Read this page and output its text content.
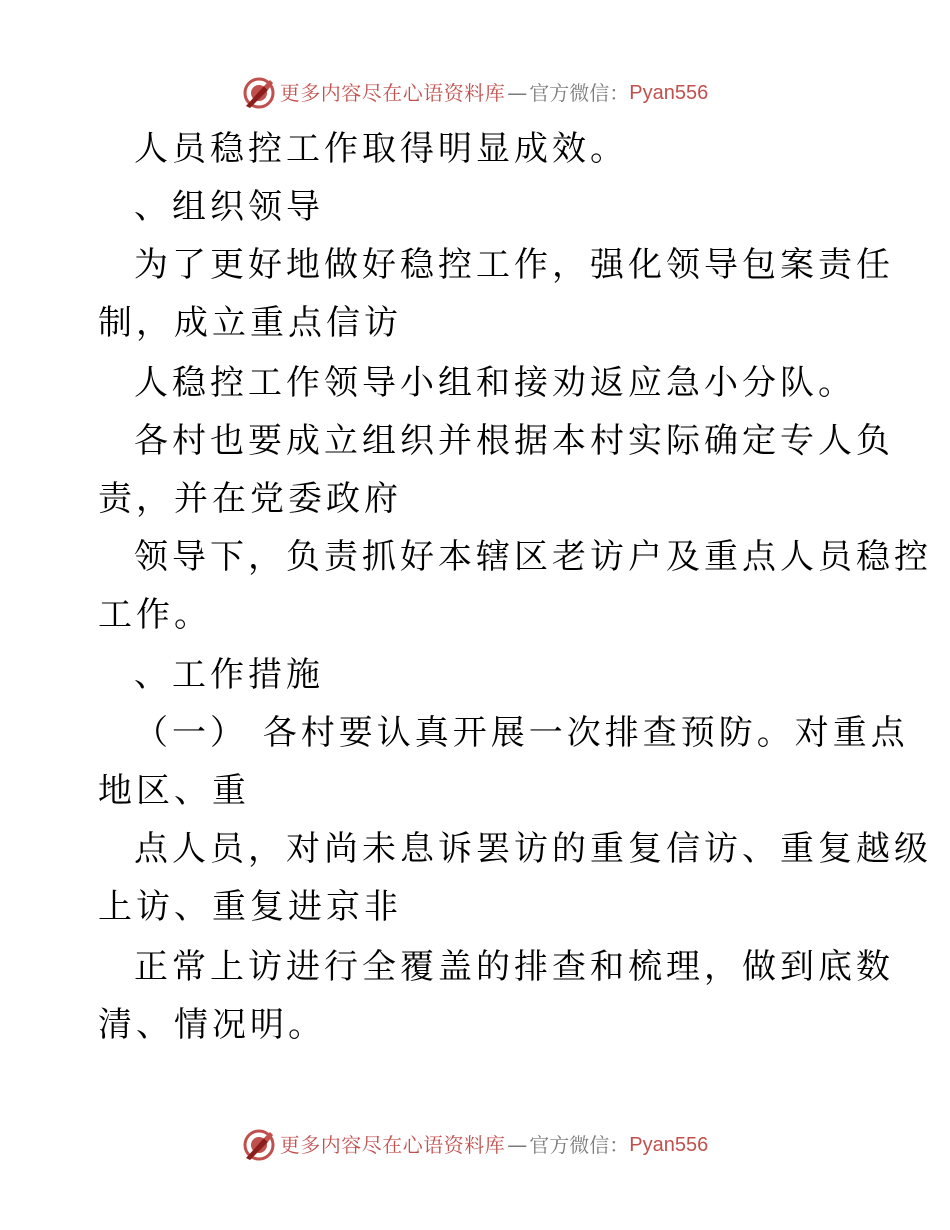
更多内容尽在心语资料库 — 官方微信： Pyan556
人员稳控工作取得明显成效。
、组织领导
为了更好地做好稳控工作，强化领导包案责任
制，成立重点信访
人稳控工作领导小组和接劝返应急小分队。
各村也要成立组织并根据本村实际确定专人负
责，并在党委政府
领导下，负责抓好本辖区老访户及重点人员稳控
工作。
、工作措施
（一） 各村要认真开展一次排查预防。对重点
地区、重
点人员，对尚未息诉罢访的重复信访、重复越级
上访、重复进京非
正常上访进行全覆盖的排查和梳理，做到底数
清、情况明。
更多内容尽在心语资料库 — 官方微信： Pyan556
